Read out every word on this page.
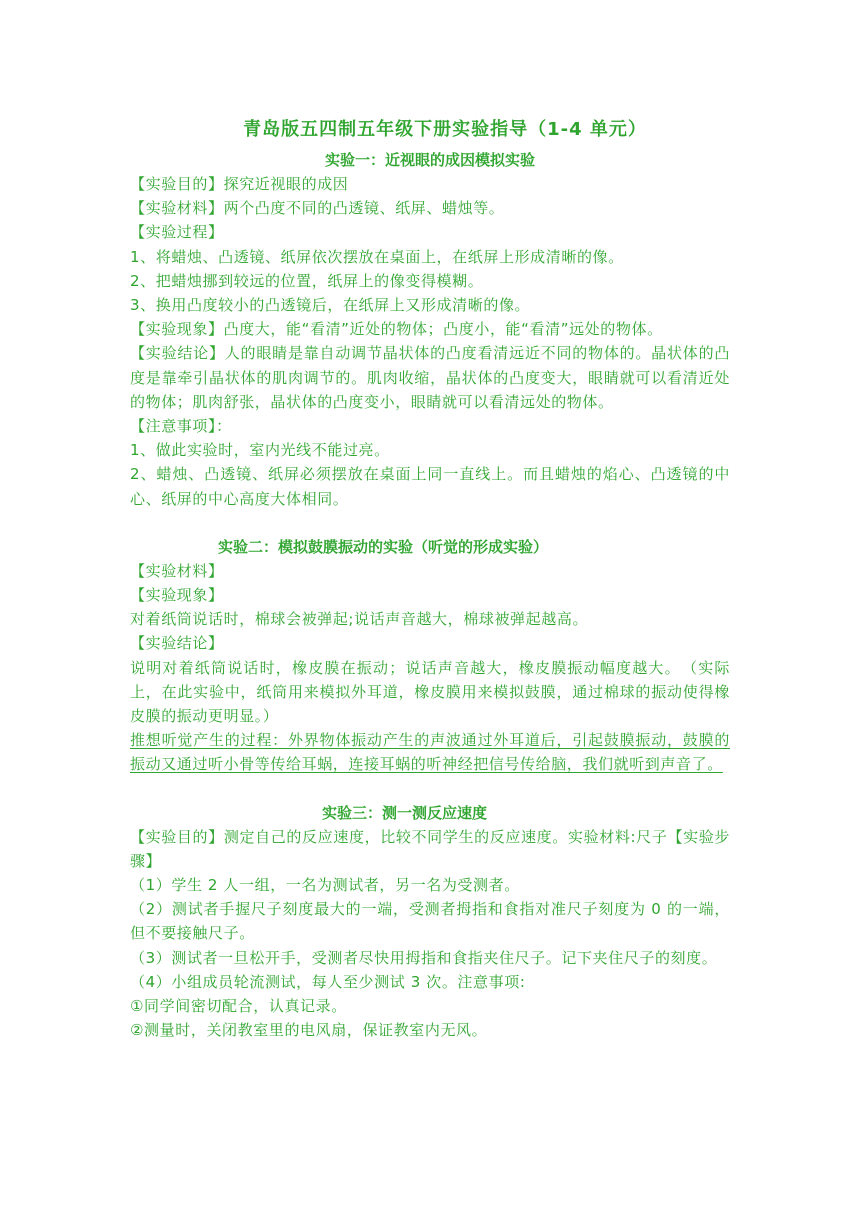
青岛版五四制五年级下册实验指导（1-4 单元）
实验一：近视眼的成因模拟实验

【实验目的】探究近视眼的成因

【实验材料】两个凸度不同的凸透镜、纸屏、蜡烛等。

【实验过程】

1、将蜡烛、凸透镜、纸屏依次摆放在桌面上，在纸屏上形成清晰的像。

2、把蜡烛挪到较远的位置，纸屏上的像变得模糊。

3、换用凸度较小的凸透镜后，在纸屏上又形成清晰的像。

【实验现象】凸度大，能“看清”近处的物体；凸度小，能“看清”远处的物体。

【实验结论】人的眼睛是靠自动调节晶状体的凸度看清远近不同的物体的。晶状体的凸度是靠牵引晶状体的肌肉调节的。肌肉收缩，晶状体的凸度变大，眼睛就可以看清近处的物体；肌肉舒张，晶状体的凸度变小，眼睛就可以看清远处的物体。

【注意事项】：

1、做此实验时，室内光线不能过亮。

2、蜡烛、凸透镜、纸屏必须摆放在桌面上同一直线上。而且蜡烛的焰心、凸透镜的中心、纸屏的中心高度大体相同。

实验二：模拟鼓膜振动的实验（听觉的形成实验）

【实验材料】

【实验现象】

对着纸筒说话时，棉球会被弹起;说话声音越大，棉球被弹起越高。

【实验结论】

说明对着纸筒说话时，橡皮膜在振动；说话声音越大，橡皮膜振动幅度越大。　（实际上，在此实验中，纸筒用来模拟外耳道，橡皮膜用来模拟鼓膜，通过棉球的振动使得橡皮膜的振动更明显。）

推想听觉产生的过程：外界物体振动产生的声波通过外耳道后，引起鼓膜振动，鼓膜的振动又通过听小骨等传给耳蜗，连接耳蜗的听神经把信号传给脑，我们就听到声音了。

实验三：测一测反应速度

【实验目的】测定自己的反应速度，比较不同学生的反应速度。实验材料:尺子【实验步骤】

（1）学生 2 人一组，一名为测试者，另一名为受测者。

（2）测试者手握尺子刻度最大的一端，受测者拇指和食指对准尺子刻度为 0 的一端，但不要接触尺子。

（3）测试者一旦松开手，受测者尽快用拇指和食指夹住尺子。记下夹住尺子的刻度。

（4）小组成员轮流测试，每人至少测试 3 次。注意事项:

①同学间密切配合，认真记录。

②测量时，关闭教室里的电风扇，保证教室内无风。
